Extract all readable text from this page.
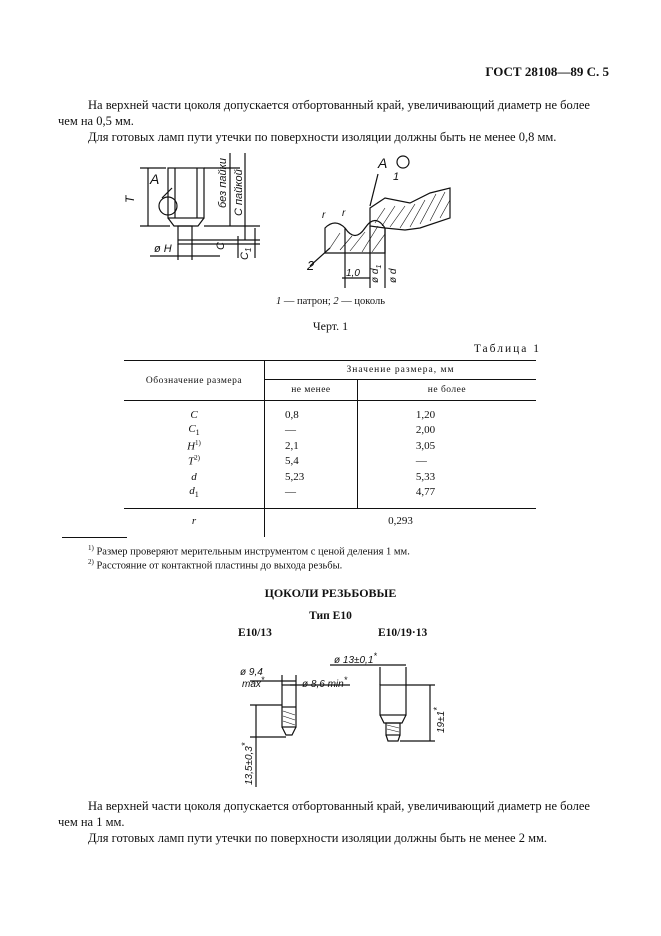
ГОСТ 28108—89 С. 5
На верхней части цоколя допускается отбортованный край, увеличивающий диаметр не более
чем на 0,5 мм.
Для готовых ламп пути утечки по поверхности изоляции должны быть не менее 0,8 мм.
A
T	без пайки С пайкой
ø H	C
$C_1$
A
1
2
r r
1,0 ø $d_1$
ø d
1 — патрон; 2 — цоколь
Черт. 1
Таблица 1
Обозначение размера	Значение размера, мм	
	не менее	не более
C	0,8	1,20
$C_1$	—	2,00
$H^{1)}$	2,1	3,05
$T^{2)}$	5,4	—
d	5,23	5,33
$d_1$	—	4,77
r	0,293	
$^{1)}$ Размер проверяют мерительным инструментом с ценой деления 1 мм.
$^{2)}$ Расстояние от контактной пластины до выхода резьбы.
ЦОКОЛИ РЕЗЬБОВЫЕ
Тип Е10
Е10/13	Е10/19·13
ø 9,4
max*	ø 8,6 min*
13,5±0,3*
ø 13±0,1*
19±1*
На верхней части цоколя допускается отбортованный край, увеличивающий диаметр не более
чем на 1 мм.
Для готовых ламп пути утечки по поверхности изоляции должны быть не менее 2 мм.
